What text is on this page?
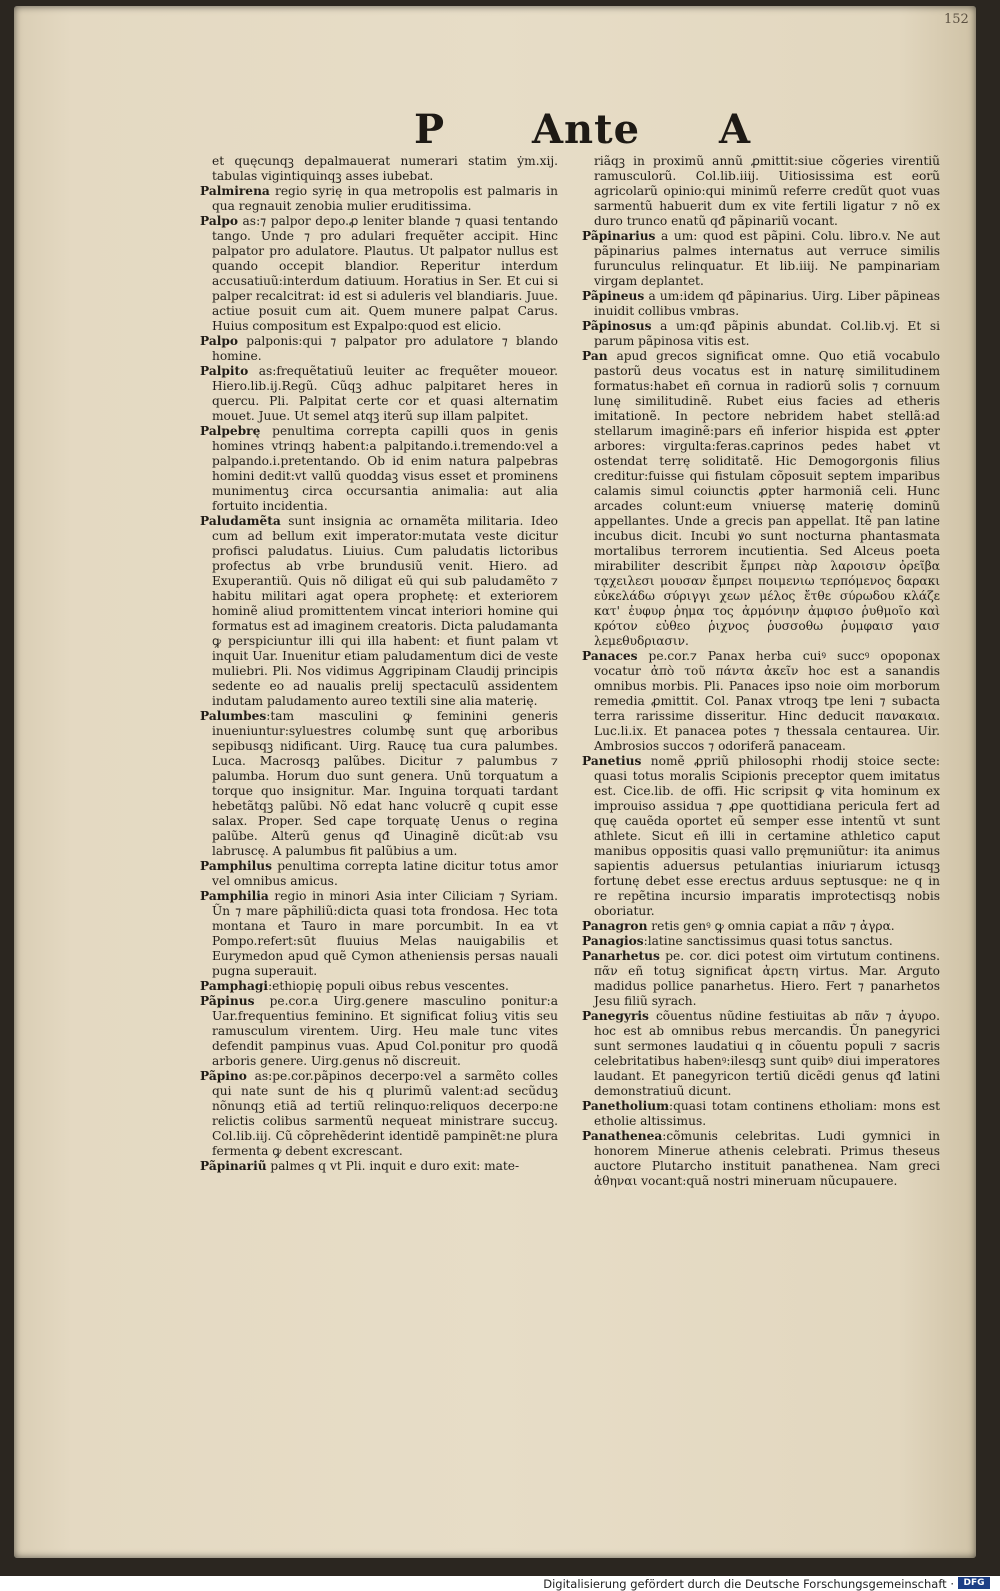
152
P Ante A

et quęcunqꝫ depalmauerat numerari statim ẏm.xij. tabulas vigintiquinqꝫ asses iubebat.

Palmirena regio syrię in qua metropolis est palmaris in qua regnauit zenobia mulier eruditissima.

Palpo as:⁊ palpor depo.ꝓ leniter blande ⁊ quasi tentando tango. Unde ⁊ pro adulari frequẽter accipit. Hinc palpator pro adulatore. Plautus. Ut palpator nullus est quando occepit blandior. Reperitur interdum accusatiuũ:interdum datiuum. Horatius in Ser. Et cui si palper recalcitrat: id est si aduleris vel blandiaris. Juue. actiue posuit cum ait. Quem munere palpat Carus. Huius compositum est Expalpo:quod est elicio.

Palpo palponis:qui ⁊ palpator pro adulatore ⁊ blando homine.

Palpito as:frequẽtatiuũ leuiter ac frequẽter moueor. Hiero.lib.ij.Regũ. Cũqꝫ adhuc palpitaret heres in quercu. Pli. Palpitat certe cor et quasi alternatim mouet. Juue. Ut semel atqꝫ iterũ sup illam palpitet.

Palpebrę penultima correpta capilli quos in genis homines vtrinqꝫ habent:a palpitando.i.tremendo:vel a palpando.i.pretentando. Ob id enim natura palpebras homini dedit:vt vallũ quoddaꝫ visus esset et prominens munimentuꝫ circa occursantia animalia: aut alia fortuito incidentia.

Paludamẽta sunt insignia ac ornamẽta militaria. Ideo cum ad bellum exit imperator:mutata veste dicitur profisci paludatus. Liuius. Cum paludatis lictoribus profectus ab vrbe brundusiũ venit. Hiero. ad Exuperantiũ. Quis nõ diligat eũ qui sub paludamẽto ⁊ habitu militari agat opera prophetę: et exteriorem hominẽ aliud promittentem vincat interiori homine qui formatus est ad imaginem creatoris. Dicta paludamanta ꝙ perspiciuntur illi qui illa habent: et fiunt palam vt inquit Uar. Inuenitur etiam paludamentum dici de veste muliebri. Pli. Nos vidimus Aggripinam Claudij principis sedente eo ad naualis prelij spectaculũ assidentem indutam paludamento aureo textili sine alia materię.

Palumbes:tam masculini ꝙ feminini generis inueniuntur:syluestres columbę sunt quę arboribus sepibusqꝫ nidificant. Uirg. Raucę tua cura palumbes. Luca. Macrosqꝫ palũbes. Dicitur ⁊ palumbus ⁊ palumba. Horum duo sunt genera. Unũ torquatum a torque quo insignitur. Mar. Inguina torquati tardant hebetãtqꝫ palũbi. Nõ edat hanc volucrẽ q cupit esse salax. Proper. Sed cape torquatę Uenus o regina palũbe. Alterũ genus qđ Uinaginẽ dicũt:ab vsu labruscę. A palumbus fit palũbius a um.

Pamphilus penultima correpta latine dicitur totus amor vel omnibus amicus.

Pamphilia regio in minori Asia inter Ciliciam ⁊ Syriam. Ũn ⁊ mare pãphiliũ:dicta quasi tota frondosa. Hec tota montana et Tauro in mare porcumbit. In ea vt Pompo.refert:sūt fluuius Melas nauigabilis et Eurymedon apud quẽ Cymon atheniensis persas nauali pugna superauit.

Pamphagi:ethiopię populi oibus rebus vescentes.

Pãpinus pe.cor.a Uirg.genere masculino ponitur:a Uar.frequentius feminino. Et significat foliuꝫ vitis seu ramusculum virentem. Uirg. Heu male tunc vites defendit pampinus vuas. Apud Col.ponitur pro quodã arboris genere. Uirg.genus nõ discreuit.

Pãpino as:pe.cor.pãpinos decerpo:vel a sarmẽto colles qui nate sunt de his q plurimũ valent:ad secũduꝫ nõnunqꝫ etiã ad tertiũ relinquo:reliquos decerpo:ne relictis colibus sarmentũ nequeat ministrare succuꝫ. Col.lib.iij. Cũ cõprehẽderint identidẽ pampinẽt:ne plura fermenta ꝙ debent excrescant.

Pãpinariũ palmes q vt Pli. inquit e duro exit: mate-

riãqꝫ in proximũ annũ ꝓmittit:siue cõgeries virentiũ ramusculorũ. Col.lib.iiij. Uitiosissima est eorũ agricolarũ opinio:qui minimũ referre credũt quot vuas sarmentũ habuerit dum ex vite fertili ligatur ⁊ nõ ex duro trunco enatũ qđ pãpinariũ vocant.

Pãpinarius a um: quod est pãpini. Colu. libro.v. Ne aut pãpinarius palmes internatus aut verruce similis furunculus relinquatur. Et lib.iiij. Ne pampinariam virgam deplantet.

Pãpineus a um:idem qđ pãpinarius. Uirg. Liber pãpineas inuidit collibus vmbras.

Pãpinosus a um:qđ pãpinis abundat. Col.lib.vj. Et si parum pãpinosa vitis est.

Pan apud grecos significat omne. Quo etiã vocabulo pastorũ deus vocatus est in naturę similitudinem formatus:habet eñ cornua in radiorũ solis ⁊ cornuum lunę similitudinẽ. Rubet eius facies ad etheris imitationẽ. In pectore nebridem habet stellã:ad stellarum imaginẽ:pars eñ inferior hispida est ꝓpter arbores: virgulta:feras.caprinos pedes habet vt ostendat terrę soliditatẽ. Hic Demogorgonis filius creditur:fuisse qui fistulam cõposuit septem imparibus calamis simul coiunctis ꝓpter harmoniã celi. Hunc arcades colunt:eum vniuersę materię dominũ appellantes. Unde a grecis pan appellat. Itẽ pan latine incubus dicit. Incubi ꝟo sunt nocturna phantasmata mortalibus terrorem incutientia. Sed Alceus poeta mirabiliter describit ἔμπρει πὰρ λαροισιν ὀρεῖβα τᾳχειλεσι μουσαν ἔμπρει ποιμενιω τερπόμενος δαρακι εὐκελάδω σύριγγι χεων μέλος ἔτθε σύρωδου κλάζε κατ' ἐυφυρ ῥημα τος ἀρμόνιην ἀμφισο ῥυθμοῖο καὶ κρότον εὐθεο ῥιχνος ῥυσσοθω ῥυμφαισ γαισ λεμεθυδριασιν.

Panaces pe.cor.⁊ Panax herba cuiꝰ succꝰ opoponax vocatur ἀπὸ τοῦ πάντα ἀκεῖν hoc est a sanandis omnibus morbis. Pli. Panaces ipso noie oim morborum remedia ꝓmittit. Col. Panax vtroqꝫ tpe leni ⁊ subacta terra rarissime disseritur. Hinc deducit πανακαια. Luc.li.ix. Et panacea potes ⁊ thessala centaurea. Uir. Ambrosios succos ⁊ odoriferã panaceam.

Panetius nomẽ ꝓpriũ philosophi rhodij stoice secte: quasi totus moralis Scipionis preceptor quem imitatus est. Cice.lib. de offi. Hic scripsit ꝙ vita hominum ex improuiso assidua ⁊ ꝓpe quottidiana pericula fert ad quę cauẽda oportet eũ semper esse intentũ vt sunt athlete. Sicut eñ illi in certamine athletico caput manibus oppositis quasi vallo pręmuniũtur: ita animus sapientis aduersus petulantias iniuriarum ictusqꝫ fortunę debet esse erectus arduus septusque: ne q in re repẽtina incursio imparatis improtectisqꝫ nobis oboriatur.

Panagron retis genꝰ ꝙ omnia capiat a πᾶν ⁊ ἀγρα.

Panagios:latine sanctissimus quasi totus sanctus.

Panarhetus pe. cor. dici potest oim virtutum continens. πᾶν eñ totuꝫ significat ἀρετη virtus. Mar. Arguto madidus pollice panarhetus. Hiero. Fert ⁊ panarhetos Jesu filiũ syrach.

Panegyris cõuentus nũdine festiuitas ab πᾶν ⁊ ἀγυρο. hoc est ab omnibus rebus mercandis. Ũn panegyrici sunt sermones laudatiui q in cõuentu populi ⁊ sacris celebritatibus habenꝰ:ilesqꝫ sunt quibꝰ diui imperatores laudant. Et panegyricon tertiũ dicẽdi genus qđ latini demonstratiuũ dicunt.

Panetholium:quasi totam continens etholiam: mons est etholie altissimus.

Panathenea:cõmunis celebritas. Ludi gymnici in honorem Minerue athenis celebrati. Primus theseus auctore Plutarcho instituit panathenea. Nam greci ἀθηναι vocant:quã nostri mineruam nũcupauere.

Digitalisierung gefördert durch die Deutsche Forschungsgemeinschaft ·	DFG
